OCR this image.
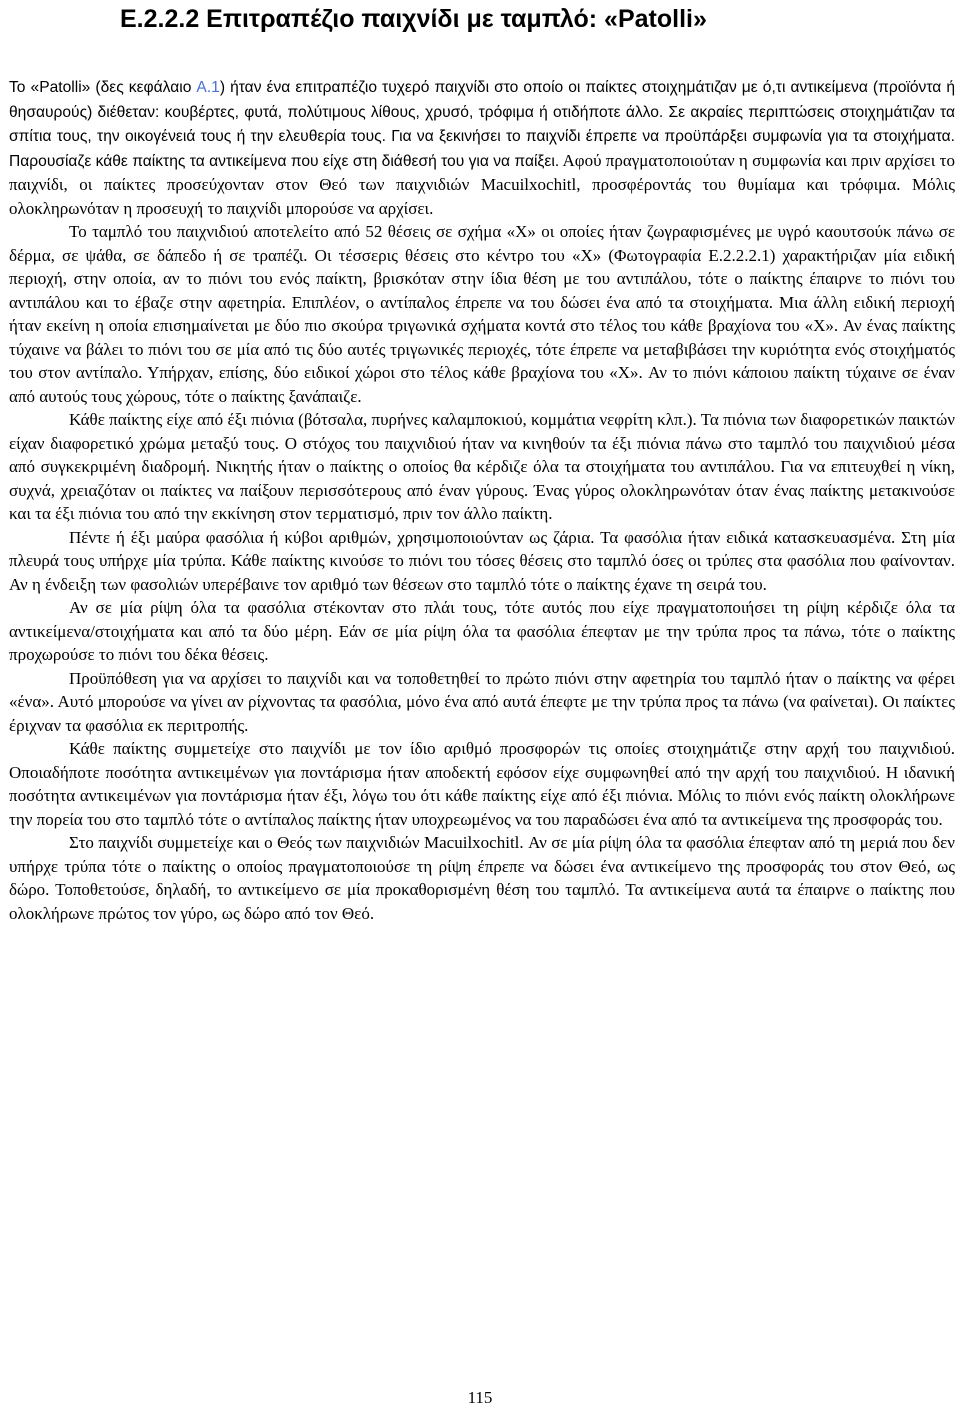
E.2.2.2 Επιτραπέζιο παιχνίδι με ταμπλό: «Patolli»

Το «Patolli» (δες κεφάλαιο A.1) ήταν ένα επιτραπέζιο τυχερό παιχνίδι στο οποίο οι παίκτες στοιχημάτιζαν με ό,τι αντικείμενα (προϊόντα ή θησαυρούς) διέθεταν: κουβέρτες, φυτά, πολύτιμους λίθους, χρυσό, τρόφιμα ή οτιδήποτε άλλο. Σε ακραίες περιπτώσεις στοιχημάτιζαν τα σπίτια τους, την οικογένειά τους ή την ελευθερία τους. Για να ξεκινήσει το παιχνίδι έπρεπε να προϋπάρξει συμφωνία για τα στοιχήματα. Παρουσίαζε κάθε παίκτης τα αντικείμενα που είχε στη διάθεσή του για να παίξει. Αφού πραγματοποιούταν η συμφωνία και πριν αρχίσει το παιχνίδι, οι παίκτες προσεύχονταν στον Θεό των παιχνιδιών Macuilxochitl, προσφέροντάς του θυμίαμα και τρόφιμα. Μόλις ολοκληρωνόταν η προσευχή το παιχνίδι μπορούσε να αρχίσει.

Το ταμπλό του παιχνιδιού αποτελείτο από 52 θέσεις σε σχήμα «X» οι οποίες ήταν ζωγραφισμένες με υγρό καουτσούκ πάνω σε δέρμα, σε ψάθα, σε δάπεδο ή σε τραπέζι. Οι τέσσερις θέσεις στο κέντρο του «X» (Φωτογραφία E.2.2.2.1) χαρακτήριζαν μία ειδική περιοχή, στην οποία, αν το πιόνι του ενός παίκτη, βρισκόταν στην ίδια θέση με του αντιπάλου, τότε ο παίκτης έπαιρνε το πιόνι του αντιπάλου και το έβαζε στην αφετηρία. Επιπλέον, ο αντίπαλος έπρεπε να του δώσει ένα από τα στοιχήματα. Μια άλλη ειδική περιοχή ήταν εκείνη η οποία επισημαίνεται με δύο πιο σκούρα τριγωνικά σχήματα κοντά στο τέλος του κάθε βραχίονα του «X». Αν ένας παίκτης τύχαινε να βάλει το πιόνι του σε μία από τις δύο αυτές τριγωνικές περιοχές, τότε έπρεπε να μεταβιβάσει την κυριότητα ενός στοιχήματός του στον αντίπαλο. Υπήρχαν, επίσης, δύο ειδικοί χώροι στο τέλος κάθε βραχίονα του «X». Αν το πιόνι κάποιου παίκτη τύχαινε σε έναν από αυτούς τους χώρους, τότε ο παίκτης ξανάπαιζε.

Κάθε παίκτης είχε από έξι πιόνια (βότσαλα, πυρήνες καλαμποκιού, κομμάτια νεφρίτη κλπ.). Τα πιόνια των διαφορετικών παικτών είχαν διαφορετικό χρώμα μεταξύ τους. Ο στόχος του παιχνιδιού ήταν να κινηθούν τα έξι πιόνια πάνω στο ταμπλό του παιχνιδιού μέσα από συγκεκριμένη διαδρομή. Νικητής ήταν ο παίκτης ο οποίος θα κέρδιζε όλα τα στοιχήματα του αντιπάλου. Για να επιτευχθεί η νίκη, συχνά, χρειαζόταν οι παίκτες να παίξουν περισσότερους από έναν γύρους. Ένας γύρος ολοκληρωνόταν όταν ένας παίκτης μετακινούσε και τα έξι πιόνια του από την εκκίνηση στον τερματισμό, πριν τον άλλο παίκτη.

Πέντε ή έξι μαύρα φασόλια ή κύβοι αριθμών, χρησιμοποιούνταν ως ζάρια. Τα φασόλια ήταν ειδικά κατασκευασμένα. Στη μία πλευρά τους υπήρχε μία τρύπα. Κάθε παίκτης κινούσε το πιόνι του τόσες θέσεις στο ταμπλό όσες οι τρύπες στα φασόλια που φαίνονταν. Αν η ένδειξη των φασολιών υπερέβαινε τον αριθμό των θέσεων στο ταμπλό τότε ο παίκτης έχανε τη σειρά του.

Αν σε μία ρίψη όλα τα φασόλια στέκονταν στο πλάι τους, τότε αυτός που είχε πραγματοποιήσει τη ρίψη κέρδιζε όλα τα αντικείμενα/στοιχήματα και από τα δύο μέρη. Εάν σε μία ρίψη όλα τα φασόλια έπεφταν με την τρύπα προς τα πάνω, τότε ο παίκτης προχωρούσε το πιόνι του δέκα θέσεις.

Προϋπόθεση για να αρχίσει το παιχνίδι και να τοποθετηθεί το πρώτο πιόνι στην αφετηρία του ταμπλό ήταν ο παίκτης να φέρει «ένα». Αυτό μπορούσε να γίνει αν ρίχνοντας τα φασόλια, μόνο ένα από αυτά έπεφτε με την τρύπα προς τα πάνω (να φαίνεται). Οι παίκτες έριχναν τα φασόλια εκ περιτροπής.

Κάθε παίκτης συμμετείχε στο παιχνίδι με τον ίδιο αριθμό προσφορών τις οποίες στοιχημάτιζε στην αρχή του παιχνιδιού. Οποιαδήποτε ποσότητα αντικειμένων για ποντάρισμα ήταν αποδεκτή εφόσον είχε συμφωνηθεί από την αρχή του παιχνιδιού. Η ιδανική ποσότητα αντικειμένων για ποντάρισμα ήταν έξι, λόγω του ότι κάθε παίκτης είχε από έξι πιόνια. Μόλις το πιόνι ενός παίκτη ολοκλήρωνε την πορεία του στο ταμπλό τότε ο αντίπαλος παίκτης ήταν υποχρεωμένος να του παραδώσει ένα από τα αντικείμενα της προσφοράς του.

Στο παιχνίδι συμμετείχε και ο Θεός των παιχνιδιών Macuilxochitl. Αν σε μία ρίψη όλα τα φασόλια έπεφταν από τη μεριά που δεν υπήρχε τρύπα τότε ο παίκτης ο οποίος πραγματοποιούσε τη ρίψη έπρεπε να δώσει ένα αντικείμενο της προσφοράς του στον Θεό, ως δώρο. Τοποθετούσε, δηλαδή, το αντικείμενο σε μία προκαθορισμένη θέση του ταμπλό. Τα αντικείμενα αυτά τα έπαιρνε ο παίκτης που ολοκλήρωνε πρώτος τον γύρο, ως δώρο από τον Θεό.

115
